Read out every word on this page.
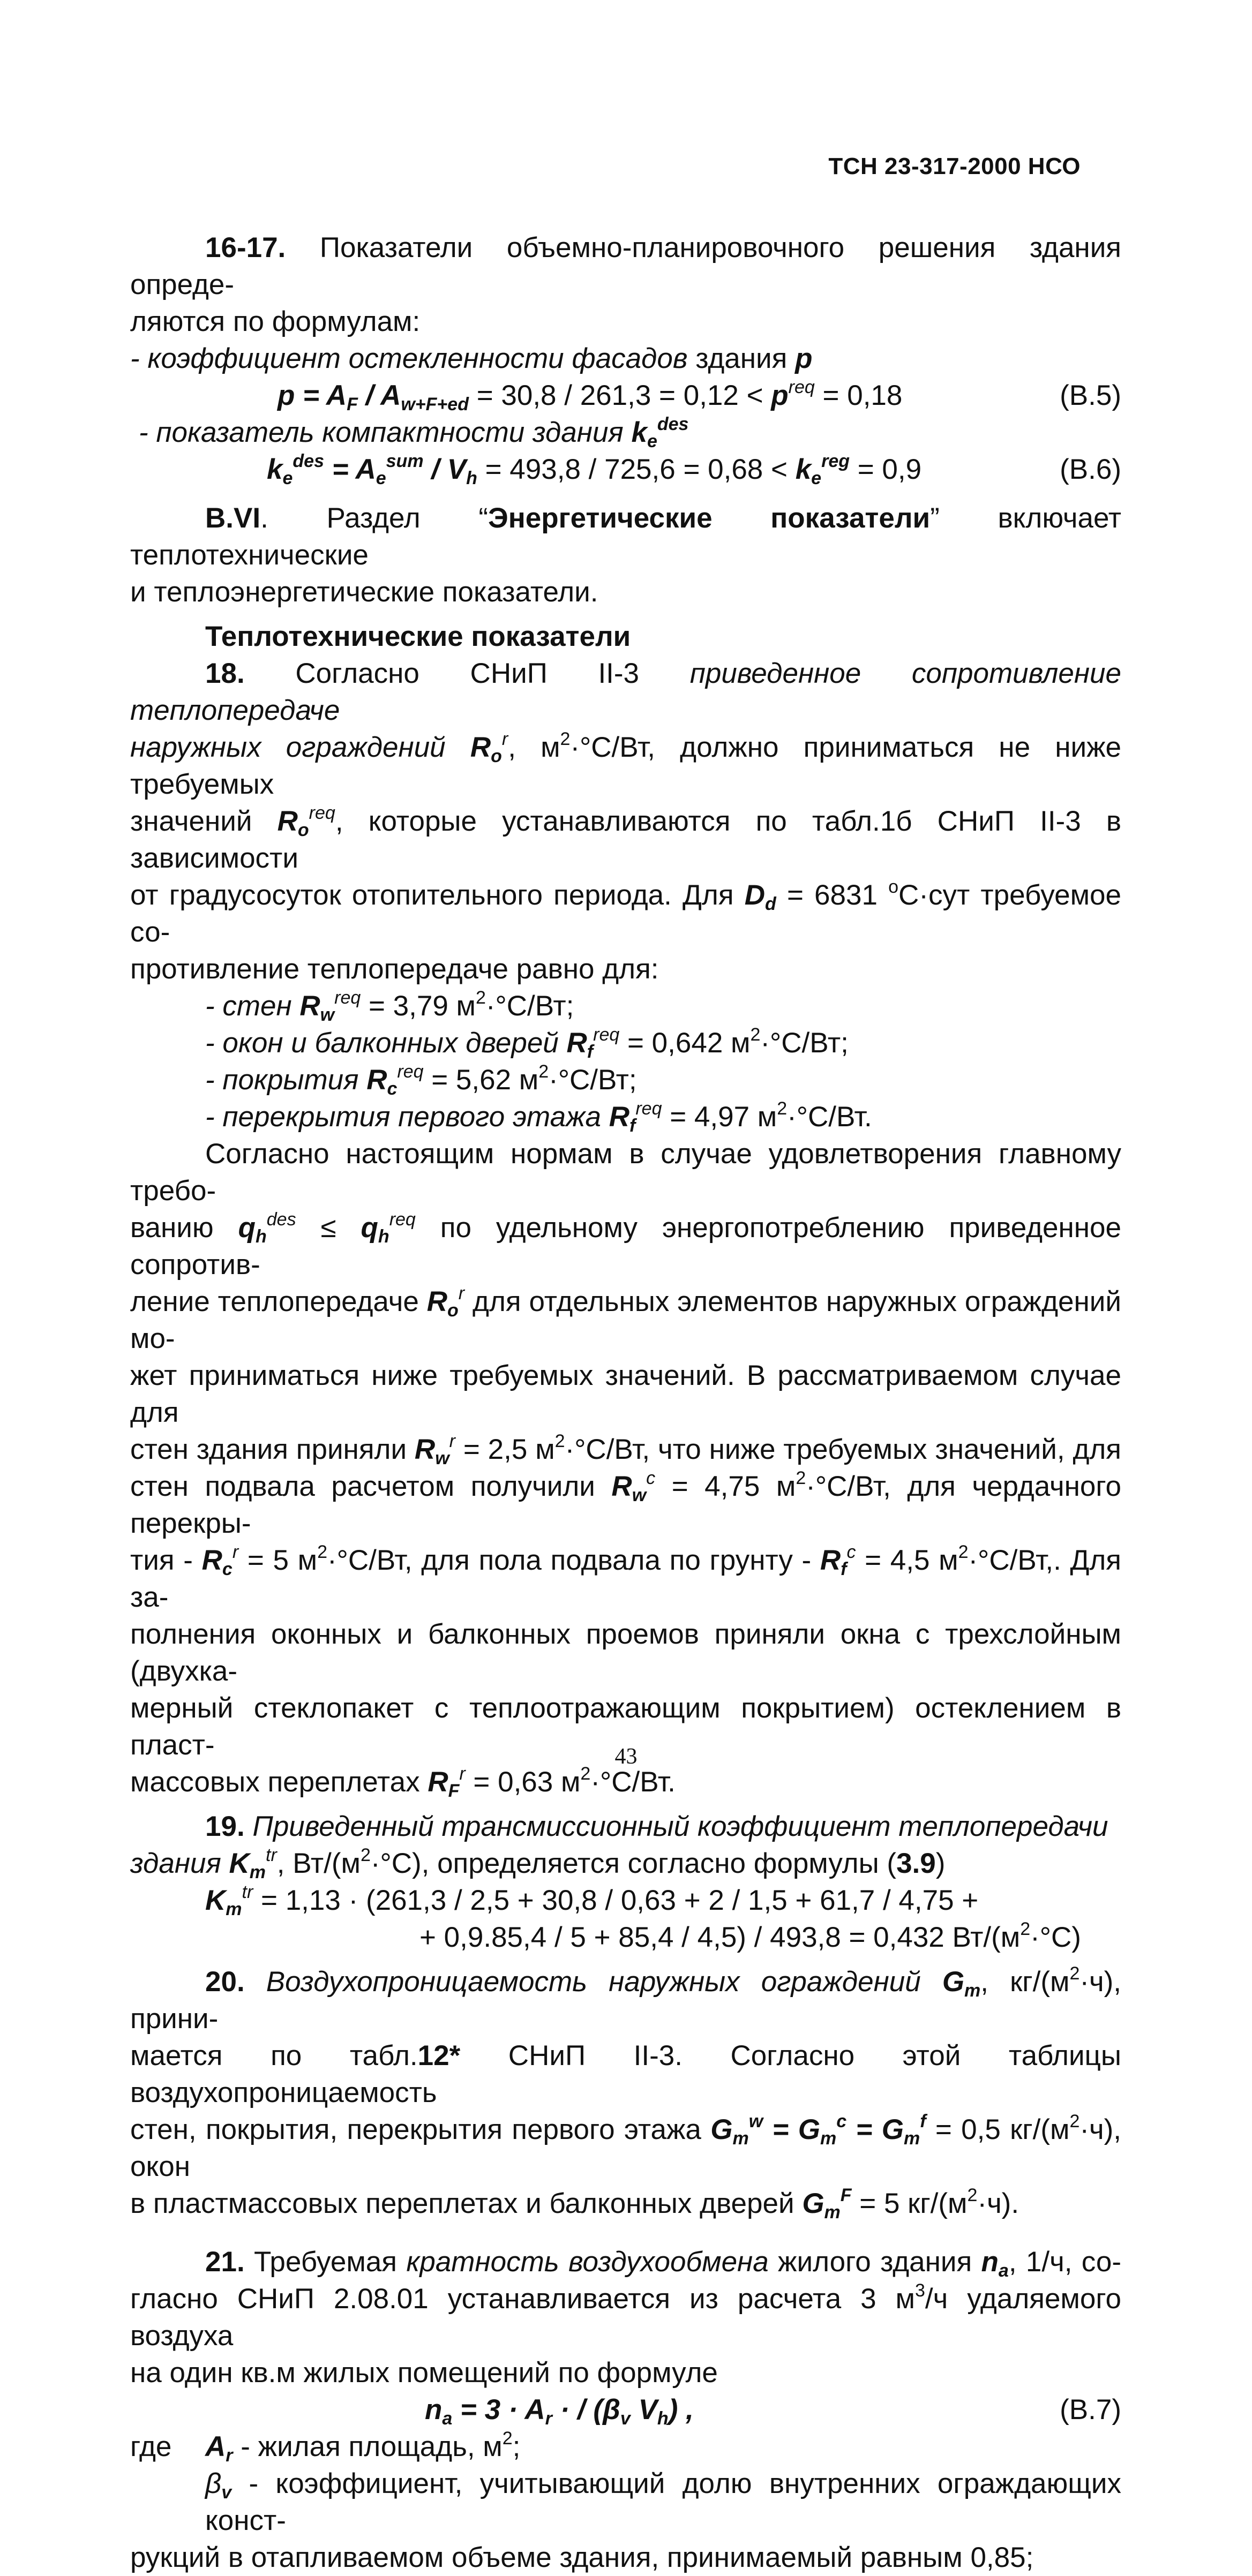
ТСН 23-317-2000 НСО

16-17. Показатели объемно-планировочного решения здания опреде-

ляются по формулам:

- коэффициент остекленности фасадов здания p

$p = A_F / A_{w+F+ed} = 30,8 / 261,3 = 0,12 < p^{req} = 0,18$	(В.5)

- показатель компактности здания $k_e^{des}$

$k_e^{des} = A_e^{sum} / V_h = 493,8 / 725,6 = 0,68 < k_e^{reg} = 0,9$	(В.6)

В.VI. Раздел “Энергетические показатели” включает теплотехнические

и теплоэнергетические показатели.

Теплотехнические показатели

18. Согласно СНиП II-3 приведенное сопротивление теплопередаче

наружных ограждений $R_o^r$, $м^2\cdot^\circ С/Вт$, должно приниматься не ниже требуемых

значений $R_o^{req}$, которые устанавливаются по табл.1б СНиП II-3 в зависимости

от градусосуток отопительного периода. Для $D_d = 6831$ $^o$С·сут требуемое со-

противление теплопередаче равно для:

- стен $R_w^{req} = 3,79$ $м^2\cdot^\circ С/Вт$;

- окон и балконных дверей $R_f^{req} = 0,642$ $м^2\cdot^\circ С/Вт$;

- покрытия $R_c^{req} = 5,62$ $м^2\cdot^\circ С/Вт$;

- перекрытия первого этажа $R_f^{req} = 4,97$ $м^2\cdot^\circ С/Вт$.

Согласно настоящим нормам в случае удовлетворения главному требо-

ванию $q_h^{des} \le q_h^{req}$ по удельному энергопотреблению приведенное сопротив-

ление теплопередаче $R_o^r$ для отдельных элементов наружных ограждений мо-

жет приниматься ниже требуемых значений. В рассматриваемом случае для

стен здания приняли $R_w^r = 2,5$ $м^2\cdot^\circ С/Вт$, что ниже требуемых значений, для

стен подвала расчетом получили $R_w^c = 4,75$ $м^2\cdot^\circ С/Вт$, для чердачного перекры-

тия - $R_c^r = 5$ $м^2\cdot^\circ С/Вт$, для пола подвала по грунту - $R_f^c = 4,5$ $м^2\cdot^\circ С/Вт$,. Для за-

полнения оконных и балконных проемов приняли окна с трехслойным (двухка-

мерный стеклопакет с теплоотражающим покрытием) остеклением в пласт-

массовых переплетах $R_F^r = 0,63$ $м^2\cdot^\circ С/Вт$.

19. Приведенный трансмиссионный коэффициент теплопередачи

здания $K_m^{tr}$, $Вт/(м^2\cdot^\circ С)$, определяется согласно формулы (3.9)

$K_m^{tr} = 1,13 \cdot (261,3 / 2,5 + 30,8 / 0,63 + 2 / 1,5 + 61,7 / 4,75$ +

+ 0,9.85,4 / 5 + 85,4 / 4,5) / 493,8 = 0,432 $Вт/(м^2\cdot^\circ С)$

20. Воздухопроницаемость наружных ограждений $G_m$, $кг/(м^2\cdot ч)$, прини-

мается по табл.12* СНиП II-3. Согласно этой таблицы воздухопроницаемость

стен, покрытия, перекрытия первого этажа $G_m^w = G_m^c = G_m^f = 0,5$ $кг/(м^2\cdot ч)$, окон

в пластмассовых переплетах и балконных дверей $G_m^F = 5$ $кг/(м^2\cdot ч)$.

21. Требуемая кратность воздухообмена жилого здания $n_a$, 1/ч, со-

гласно СНиП 2.08.01 устанавливается из расчета 3 $м^3/ч$ удаляемого воздуха

на один кв.м жилых помещений по формуле

$n_a = 3 \cdot A_r$ · / ($\beta_v$ $V_h$) ,	(В.7)

где $A_r$ - жилая площадь, $м^2$;

$\beta_v$ - коэффициент, учитывающий долю внутренних ограждающих конст-

рукций в отапливаемом объеме здания, принимаемый равным 0,85;

43
